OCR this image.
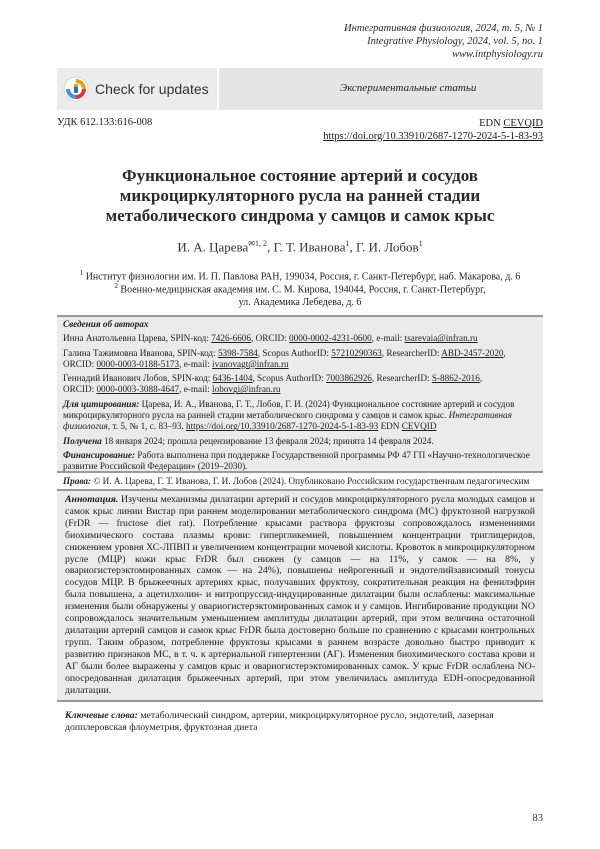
Интегративная физиология, 2024, т. 5, № 1
Integrative Physiology, 2024, vol. 5, no. 1
www.intphysiology.ru
Check for updates	Экспериментальные статьи
УДК 612.133:616-008	EDN CEVQID
https://doi.org/10.33910/2687-1270-2024-5-1-83-93
Функциональное состояние артерий и сосудов
микроциркуляторного русла на ранней стадии
метаболического синдрома у самцов и самок крыс
И. А. Царева$^{✉1, 2}$, Г. Т. Иванова$^1$, Г. И. Лобов$^1$
$^1$ Институт физиологии им. И. П. Павлова РАН, 199034, Россия, г. Санкт-Петербург, наб. Макарова, д. 6
$^2$ Военно-медицинская академия им. С. М. Кирова, 194044, Россия, г. Санкт-Петербург,
ул. Академика Лебедева, д. 6

Сведения об авторах

Инна Анатольевна Царева, SPIN-код: 7426-6606, ORCID: 0000-0002-4231-0600, e-mail: tsarevaia@infran.ru

Галина Тажимовна Иванова, SPIN-код: 5398-7584, Scopus AuthorID: 57210290363, ResearcherID: ABD-2457-2020,
ORCID: 0000-0003-0188-5173, e-mail: ivanovagt@infran.ru

Геннадий Иванович Лобов, SPIN-код: 6436-1404, Scopus AuthorID: 7003862926, ResearcherID: S-8862-2016,
ORCID: 0000-0003-3088-4647, e-mail: lobovgi@infran.ru

Для цитирования: Царева, И. А., Иванова, Г. Т., Лобов, Г. И. (2024) Функциональное состояние артерий и сосудов микроциркуляторного русла на ранней стадии метаболического синдрома у самцов и самок крыс. Интегративная физиология, т. 5, № 1, с. 83–93. https://doi.org/10.33910/2687-1270-2024-5-1-83-93 EDN CEVQID

Получена 18 января 2024; прошла рецензирование 13 февраля 2024; принята 14 февраля 2024.

Финансирование: Работа выполнена при поддержке Государственной программы РФ 47 ГП «Научно-технологическое развитие Российской Федерации» (2019–2030).

Права: © И. А. Царева, Г. Т. Иванова, Г. И. Лобов (2024). Опубликовано Российским государственным педагогическим

Аннотация. Изучены механизмы дилатации артерий и сосудов микроциркуляторного русла молодых самцов и самок крыс линии Вистар при раннем моделировании метаболического синдрома (МС) фруктозной нагрузкой (FrDR — fructose diet rat). Потребление крысами раствора фруктозы сопровождалось изменениями биохимического состава плазмы крови: гипергликемией, повышением концентрации триглицеридов, снижением уровня ХС-ЛПВП и увеличением концентрации мочевой кислоты. Кровоток в микроциркуляторном русле (МЦР) кожи крыс FrDR был снижен (у самцов — на 11%, у самок — на 8%, у овариогистерэктомированных самок — на 24%), повышены нейрогенный и эндотелийзависимый тонусы сосудов МЦР. В брыжеечных артериях крыс, получавших фруктозу, сократительная реакция на фенилэфрин была повышена, а ацетилхолин- и нитропруссид-индуцированные дилатации были ослаблены: максимальные изменения были обнаружены у овариогистерэктомированных самок и у самцов. Ингибирование продукции NO сопровождалось значительным уменьшением амплитуды дилатации артерий, при этом величина остаточной дилатации артерий самцов и самок крыс FrDR была достоверно больше по сравнению с крысами контрольных групп. Таким образом, потребление фруктозы крысами в раннем возрасте довольно быстро приводит к развитию признаков МС, в т. ч. к артериальной гипертензии (АГ). Изменения биохимического состава крови и АГ были более выражены у самцов крыс и овариогистерэктомированных самок. У крыс FrDR ослаблена NO-опосредованная дилатация брыжеечных артерий, при этом увеличилась амплитуда EDH-опосредованной дилатации.
Ключевые слова: метаболический синдром, артерии, микроциркуляторное русло, эндотелий, лазерная допплеровская флоуметрия, фруктозная диета
83
